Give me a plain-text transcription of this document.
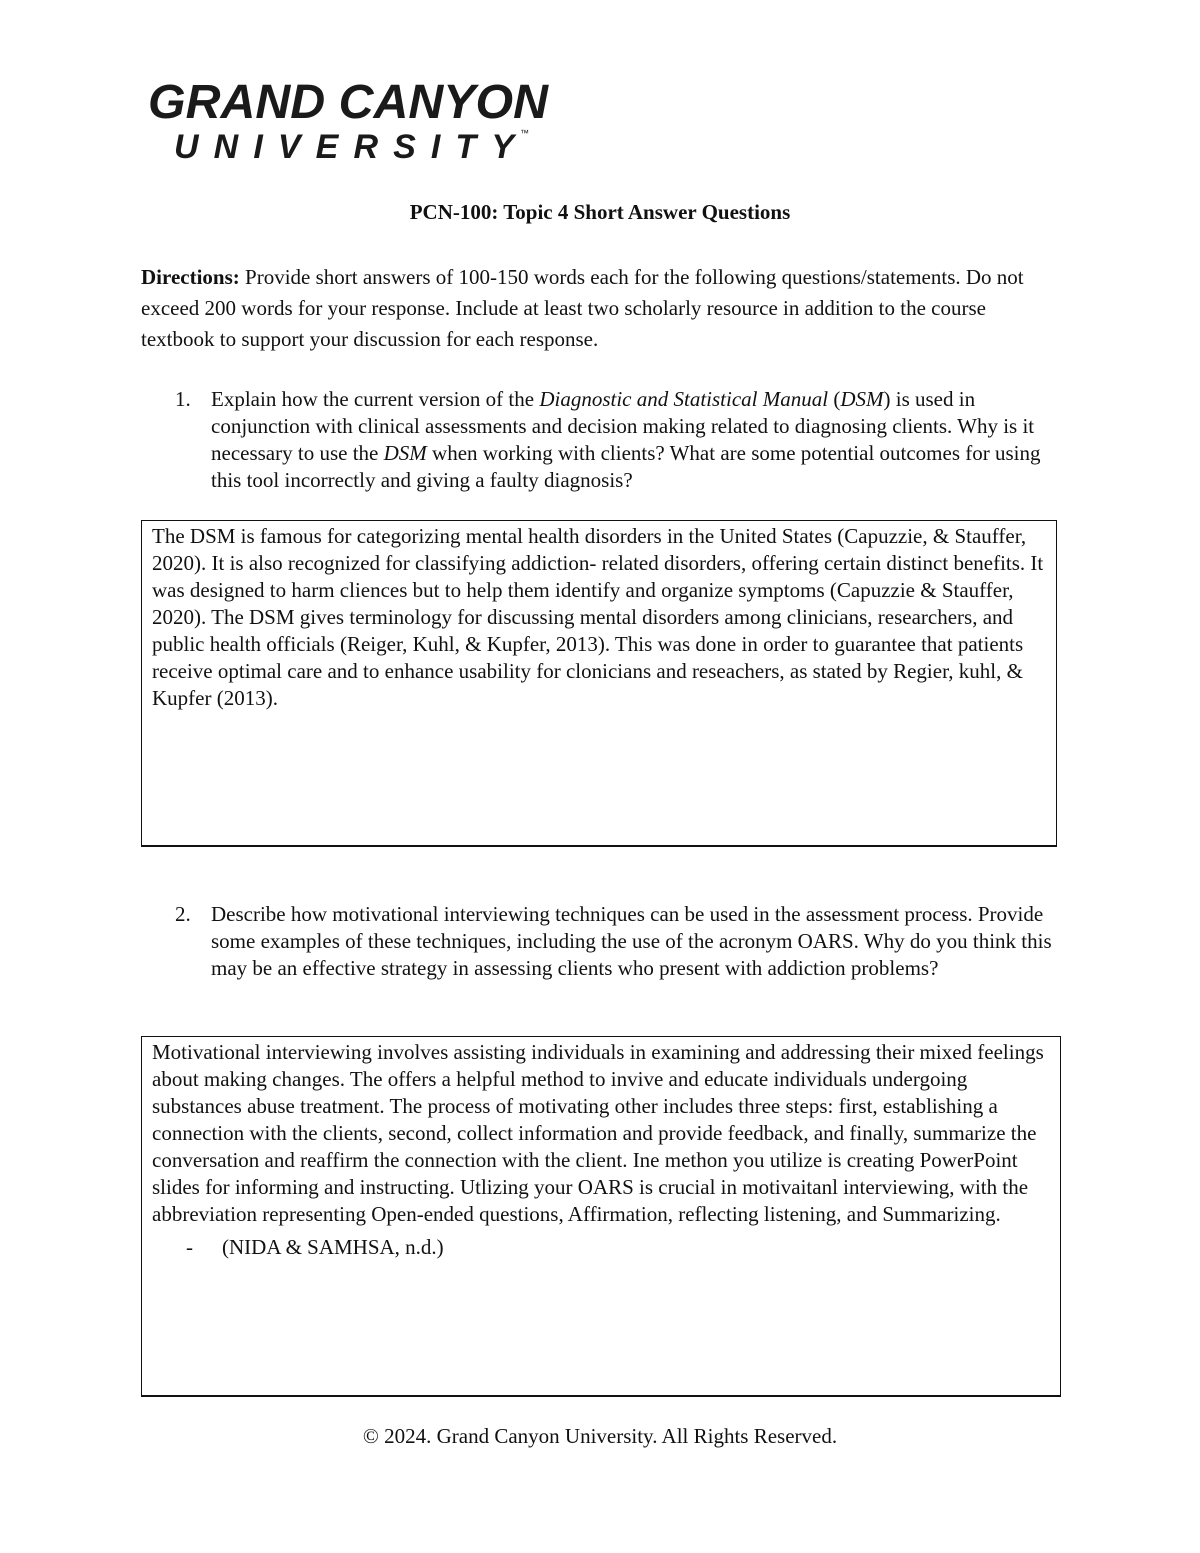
GRAND CANYON
UNIVERSITY ™
PCN-100: Topic 4 Short Answer Questions
Directions: Provide short answers of 100-150 words each for the following questions/statements. Do not exceed 200 words for your response. Include at least two scholarly resource in addition to the course textbook to support your discussion for each response.
1. Explain how the current version of the Diagnostic and Statistical Manual (DSM) is used in conjunction with clinical assessments and decision making related to diagnosing clients. Why is it necessary to use the DSM when working with clients? What are some potential outcomes for using this tool incorrectly and giving a faulty diagnosis?
The DSM is famous for categorizing mental health disorders in the United States (Capuzzie, & Stauffer, 2020). It is also recognized for classifying addiction- related disorders, offering certain distinct benefits. It was designed to harm cliences but to help them identify and organize symptoms (Capuzzie & Stauffer, 2020). The DSM gives terminology for discussing mental disorders among clinicians, researchers, and public health officials (Reiger, Kuhl, & Kupfer, 2013). This was done in order to guarantee that patients receive optimal care and to enhance usability for clonicians and reseachers, as stated by Regier, kuhl, & Kupfer (2013).
2. Describe how motivational interviewing techniques can be used in the assessment process. Provide some examples of these techniques, including the use of the acronym OARS. Why do you think this may be an effective strategy in assessing clients who present with addiction problems?
Motivational interviewing involves assisting individuals in examining and addressing their mixed feelings about making changes. The offers a helpful method to invive and educate individuals undergoing substances abuse treatment. The process of motivating other includes three steps: first, establishing a connection with the clients, second, collect information and provide feedback, and finally, summarize the conversation and reaffirm the connection with the client. Ine methon you utilize is creating PowerPoint slides for informing and instructing. Utlizing your OARS is crucial in motivaitanl interviewing, with the abbreviation representing Open-ended questions, Affirmation, reflecting listening, and Summarizing.
- (NIDA & SAMHSA, n.d.)
© 2024. Grand Canyon University. All Rights Reserved.
